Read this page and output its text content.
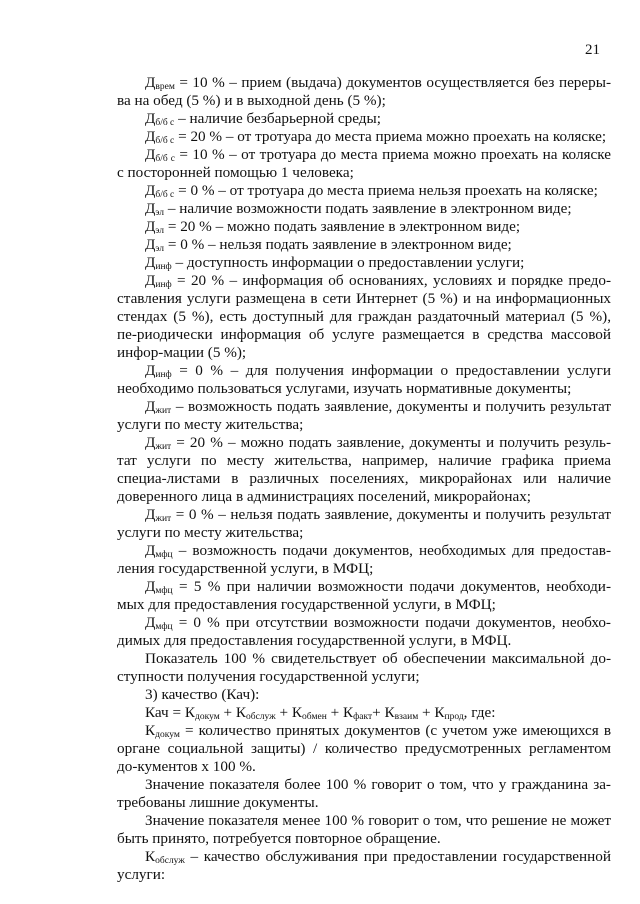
21

$Д_{врем} = 10$ % – прием (выдача) документов осуществляется без переры-ва на обед (5 %) и в выходной день (5 %);

$Д_{б/б с}$ – наличие безбарьерной среды;

$Д_{б/б с} = 20$ % – от тротуара до места приема можно проехать на коляске;

$Д_{б/б с} = 10$ % – от тротуара до места приема можно проехать на коляске с посторонней помощью 1 человека;

$Д_{б/б с} = 0$ % – от тротуара до места приема нельзя проехать на коляске;

$Д_{эл}$ – наличие возможности подать заявление в электронном виде;

$Д_{эл} = 20$ % – можно подать заявление в электронном виде;

$Д_{эл} = 0$ % – нельзя подать заявление в электронном виде;

$Д_{инф}$ – доступность информации о предоставлении услуги;

$Д_{инф} = 20$ % – информация об основаниях, условиях и порядке предо-ставления услуги размещена в сети Интернет (5 %) и на информационных стендах (5 %), есть доступный для граждан раздаточный материал (5 %), пе-риодически информация об услуге размещается в средства массовой инфор-мации (5 %);

$Д_{инф} = 0$ % – для получения информации о предоставлении услуги необходимо пользоваться услугами, изучать нормативные документы;

$Д_{жит}$ – возможность подать заявление, документы и получить результат услуги по месту жительства;

$Д_{жит} = 20$ % – можно подать заявление, документы и получить резуль-тат услуги по месту жительства, например, наличие графика приема специа-листами в различных поселениях, микрорайонах или наличие доверенного лица в администрациях поселений, микрорайонах;

$Д_{жит} = 0$ % – нельзя подать заявление, документы и получить результат услуги по месту жительства;

$Д_{мфц}$ – возможность подачи документов, необходимых для предостав-ления государственной услуги, в МФЦ;

$Д_{мфц} = 5$ % при наличии возможности подачи документов, необходи-мых для предоставления государственной услуги, в МФЦ;

$Д_{мфц} = 0$ % при отсутствии возможности подачи документов, необхо-димых для предоставления государственной услуги, в МФЦ.

Показатель 100 % свидетельствует об обеспечении максимальной до-ступности получения государственной услуги;

3) качество (Кач):

Кач = $К_{докум} + К_{обслуж} + К_{обмен} + К_{факт}+ К_{взаим} + К_{прод}$, где:

$К_{докум}$ = количество принятых документов (с учетом уже имеющихся в органе социальной защиты) / количество предусмотренных регламентом до-кументов х 100 %.

Значение показателя более 100 % говорит о том, что у гражданина за-требованы лишние документы.

Значение показателя менее 100 % говорит о том, что решение не может быть принято, потребуется повторное обращение.

$К_{обслуж}$ – качество обслуживания при предоставлении государственной услуги:
